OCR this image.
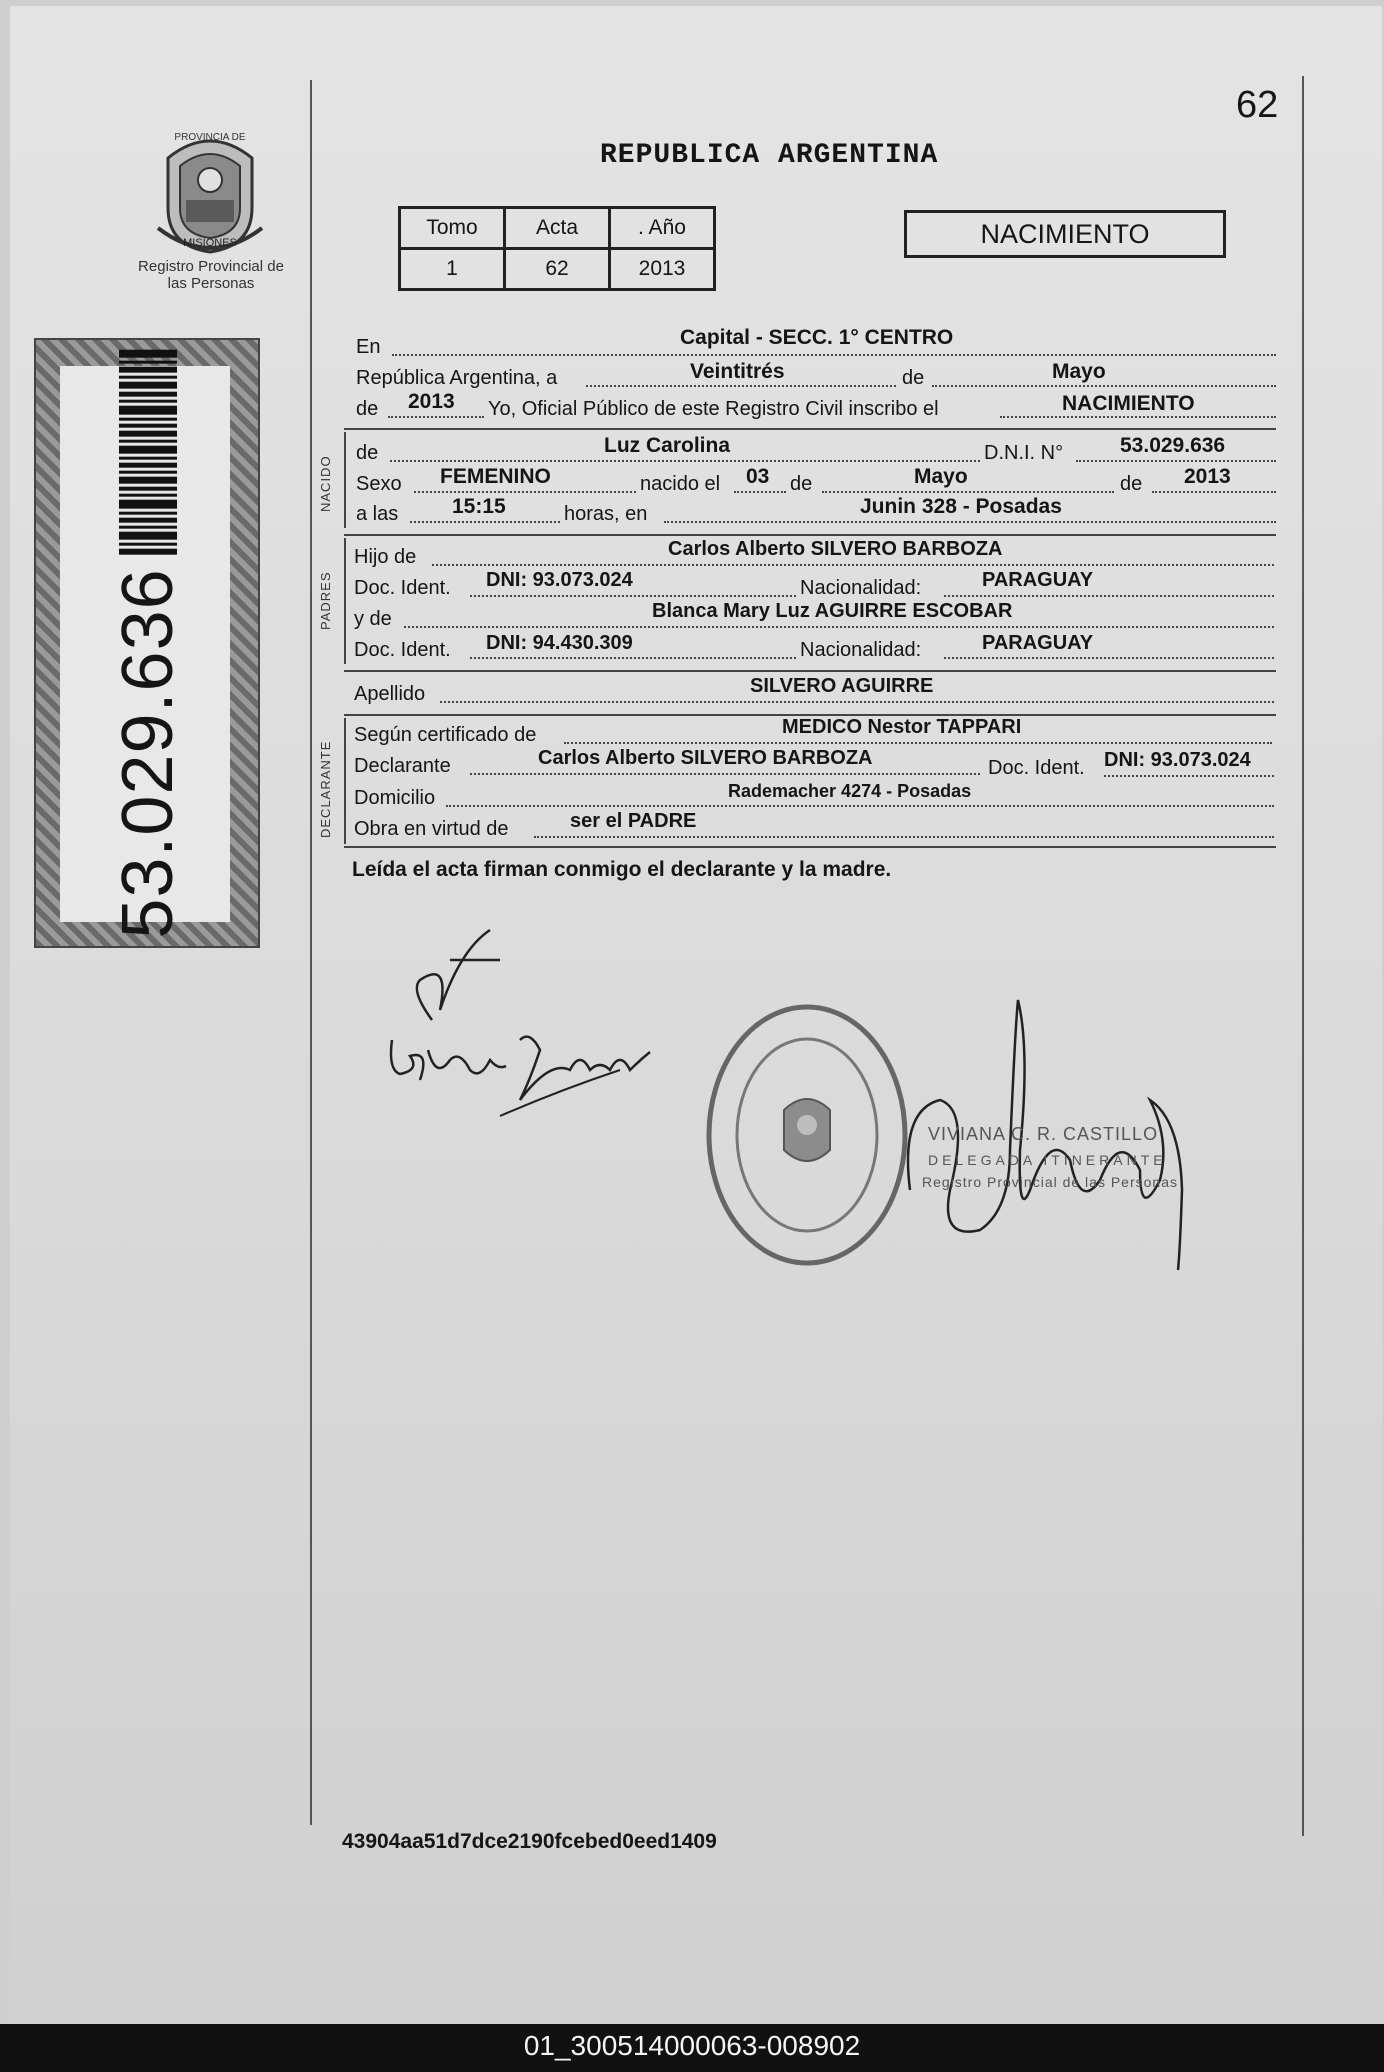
62
REPUBLICA ARGENTINA
PROVINCIA DE
MISIONES
Registro Provincial de las Personas
53.029.636
Tomo	Acta	. Año
1	62	2013
NACIMIENTO
En	Capital - SECC. 1° CENTRO
República Argentina, a	Veintitrés	de	Mayo
de 2013 Yo, Oficial Público de este Registro Civil inscribo el	NACIMIENTO
NACIDO
de	Luz Carolina	D.N.I. N°	53.029.636
Sexo FEMENINO	nacido el 03 de	Mayo	de 2013
a las	15:15	horas, en	Junin 328 - Posadas
PADRES
Hijo de	Carlos Alberto SILVERO BARBOZA
Doc. Ident. DNI: 93.073.024	Nacionalidad:	PARAGUAY
y de	Blanca Mary Luz AGUIRRE ESCOBAR
Doc. Ident. DNI: 94.430.309	Nacionalidad:	PARAGUAY
Apellido	SILVERO AGUIRRE
DECLARANTE
Según certificado de	MEDICO Nestor TAPPARI
Declarante	Carlos Alberto SILVERO BARBOZA	Doc. Ident. DNI: 93.073.024
Domicilio	Rademacher 4274 - Posadas
Obra en virtud de	ser el PADRE
Leída el acta firman conmigo el declarante y la madre.
VIVIANA C. R. CASTILLO
DELEGADA ITINERANTE
Registro Provincial de las Personas
43904aa51d7dce2190fcebed0eed1409
01_300514000063-008902
